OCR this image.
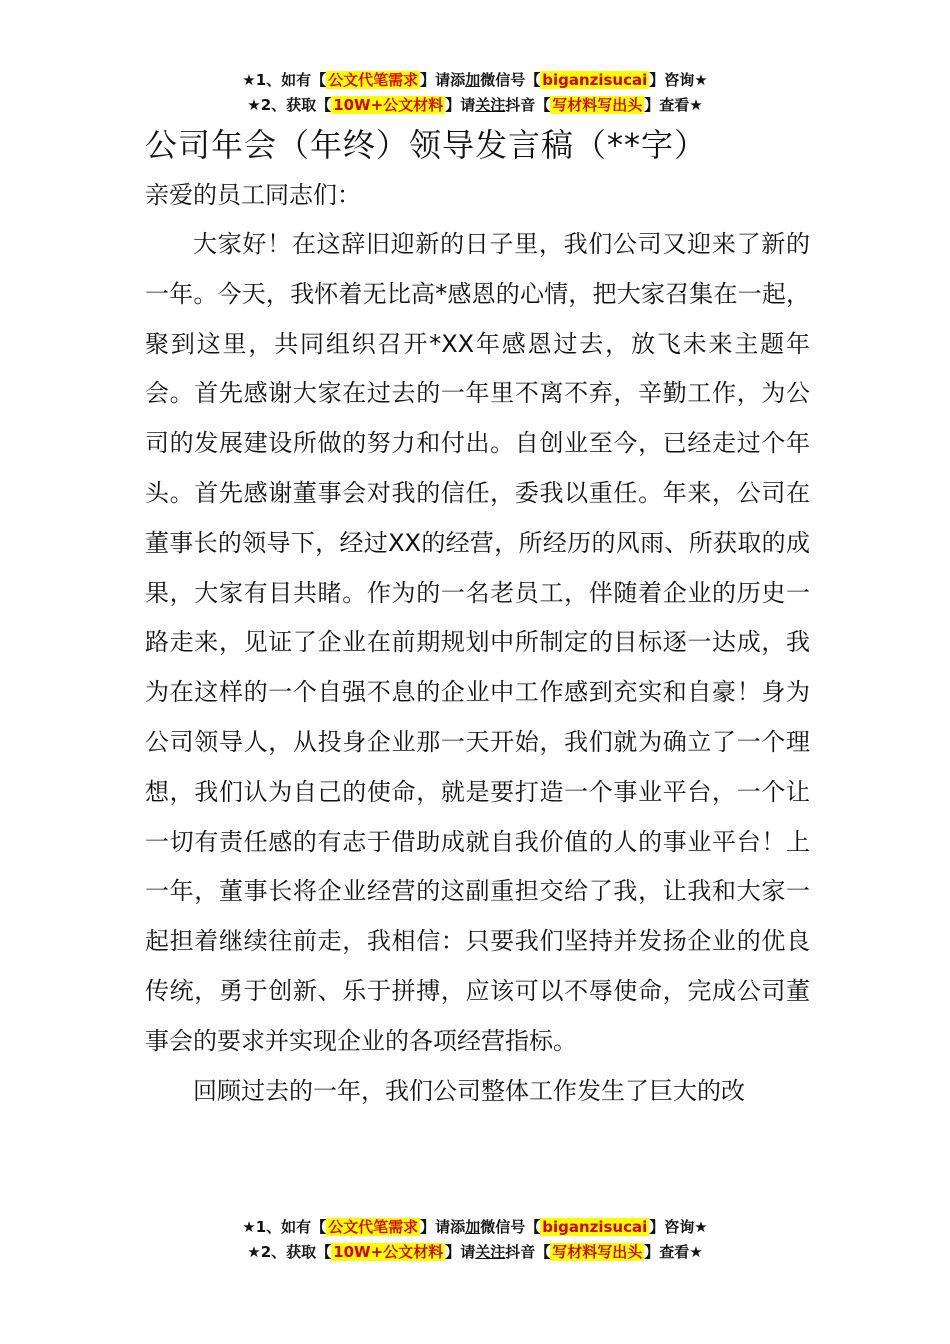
★1、如有【 公文代笔需求 】请添加微信号【 biganzisucai 】咨询★
★2、获取【 10W+公文材料 】请关注抖音【 写材料写出头 】查看★
公司年会（年终）领导发言稿（**字）

亲爱的员工同志们：

大家好！在这辞旧迎新的日子里，我们公司又迎来了新的一年。今天，我怀着无比高*感恩的心情，把大家召集在一起，聚到这里，共同组织召开*XX年感恩过去，放飞未来主题年会。首先感谢大家在过去的一年里不离不弃，辛勤工作，为公司的发展建设所做的努力和付出。自创业至今，已经走过个年头。首先感谢董事会对我的信任，委我以重任。年来，公司在董事长的领导下，经过XX的经营，所经历的风雨、所获取的成果，大家有目共睹。作为的一名老员工，伴随着企业的历史一路走来，见证了企业在前期规划中所制定的目标逐一达成，我为在这样的一个自强不息的企业中工作感到充实和自豪！身为公司领导人，从投身企业那一天开始，我们就为确立了一个理想，我们认为自己的使命，就是要打造一个事业平台，一个让一切有责任感的有志于借助成就自我价值的人的事业平台！上一年，董事长将企业经营的这副重担交给了我，让我和大家一起担着继续往前走，我相信：只要我们坚持并发扬企业的优良传统，勇于创新、乐于拼搏，应该可以不辱使命，完成公司董事会的要求并实现企业的各项经营指标。

回顾过去的一年，我们公司整体工作发生了巨大的改

★1、如有【 公文代笔需求 】请添加微信号【 biganzisucai 】咨询★
★2、获取【 10W+公文材料 】请关注抖音【 写材料写出头 】查看★
